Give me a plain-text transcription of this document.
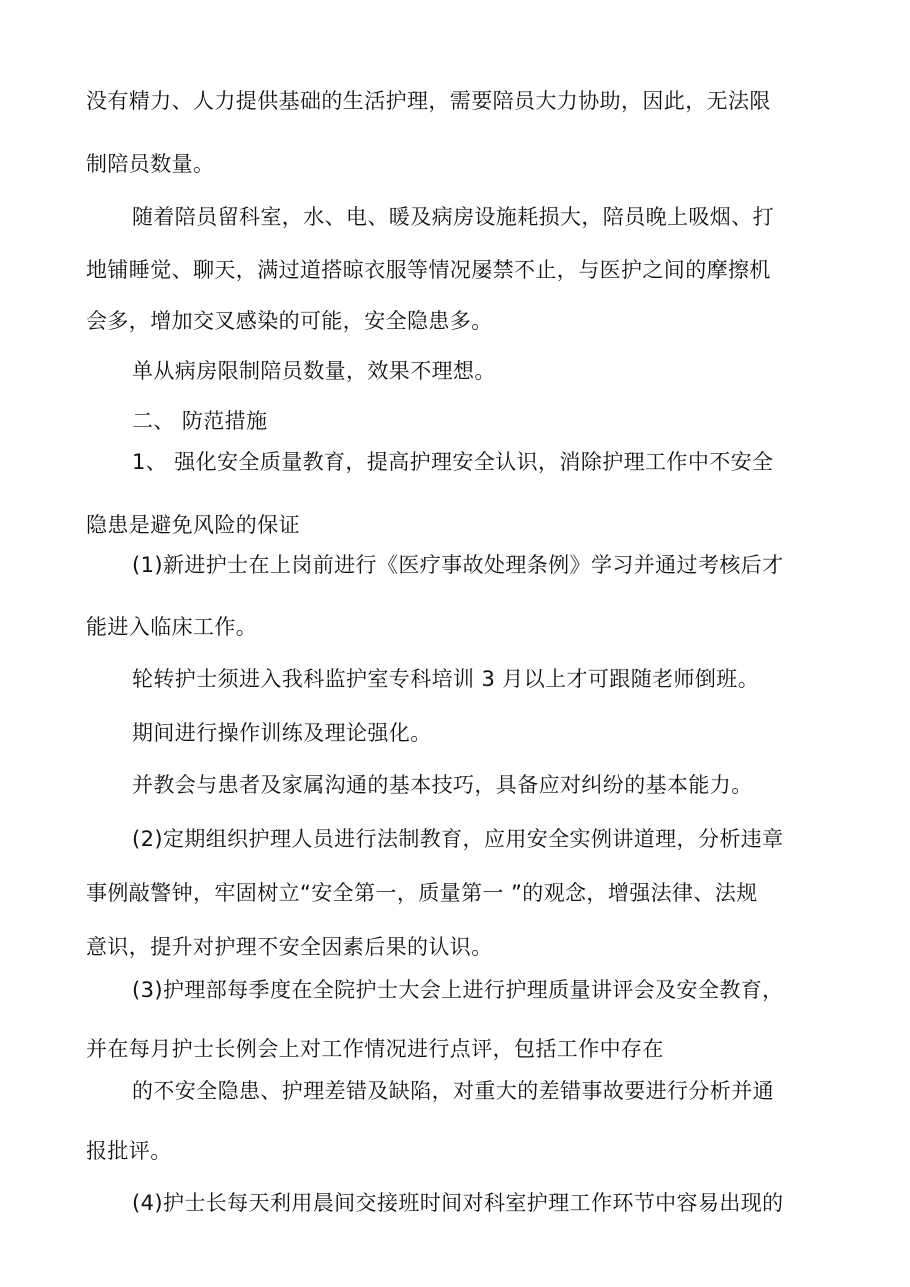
没有精力、人力提供基础的生活护理，需要陪员大力协助，因此，无法限
制陪员数量。
随着陪员留科室，水、电、暖及病房设施耗损大，陪员晚上吸烟、打
地铺睡觉、聊天，满过道搭晾衣服等情况屡禁不止，与医护之间的摩擦机
会多，增加交叉感染的可能，安全隐患多。
单从病房限制陪员数量，效果不理想。
二、 防范措施
1、 强化安全质量教育，提高护理安全认识，消除护理工作中不安全
隐患是避免风险的保证
(1)新进护士在上岗前进行《医疗事故处理条例》学习并通过考核后才
能进入临床工作。
轮转护士须进入我科监护室专科培训 3 月以上才可跟随老师倒班。
期间进行操作训练及理论强化。
并教会与患者及家属沟通的基本技巧，具备应对纠纷的基本能力。
(2)定期组织护理人员进行法制教育，应用安全实例讲道理，分析违章
事例敲警钟，牢固树立“安全第一，质量第一 ”的观念，增强法律、法规
意识，提升对护理不安全因素后果的认识。
(3)护理部每季度在全院护士大会上进行护理质量讲评会及安全教育，
并在每月护士长例会上对工作情况进行点评，包括工作中存在
的不安全隐患、护理差错及缺陷，对重大的差错事故要进行分析并通
报批评。
(4)护士长每天利用晨间交接班时间对科室护理工作环节中容易出现的
